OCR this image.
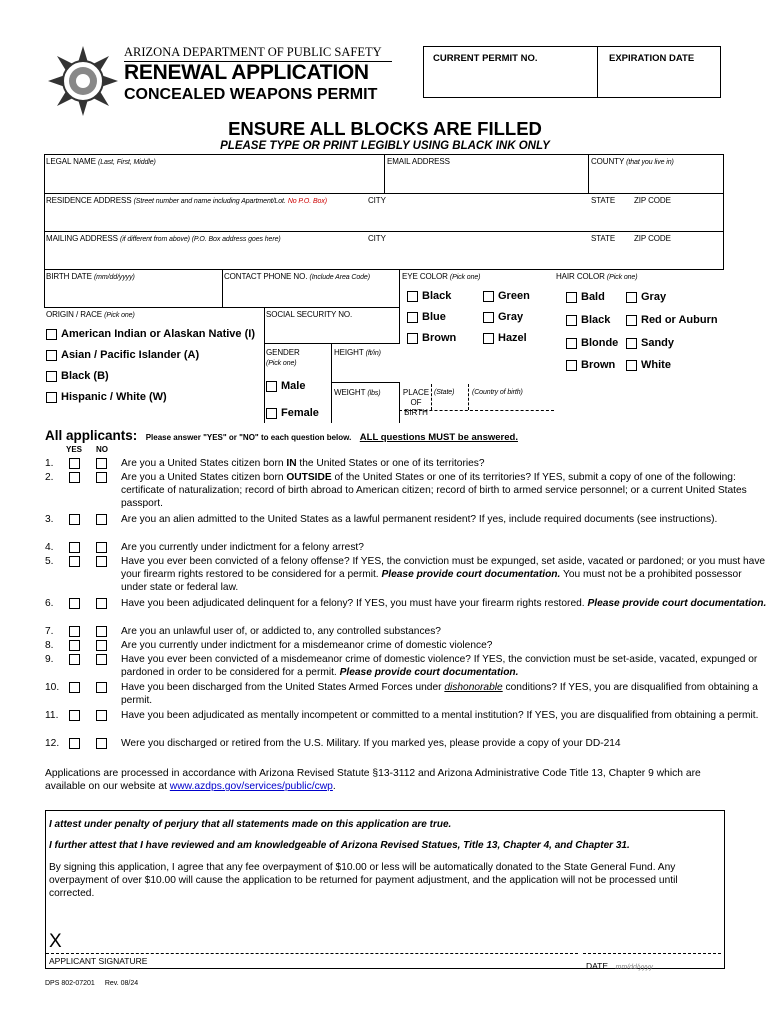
ARIZONA DEPARTMENT OF PUBLIC SAFETY
RENEWAL APPLICATION
CONCEALED WEAPONS PERMIT
CURRENT PERMIT NO.	EXPIRATION DATE
ENSURE ALL BLOCKS ARE FILLED
PLEASE TYPE OR PRINT LEGIBLY USING BLACK INK ONLY
LEGAL NAME (Last, First, Middle)	EMAIL ADDRESS	COUNTY (that you live in)
RESIDENCE ADDRESS (Street number and name including Apartment/Lot. No P.O. Box)	CITY	STATE ZIP CODE
MAILING ADDRESS (if different from above) (P.O. Box address goes here)	CITY	STATE ZIP CODE
BIRTH DATE (mm/dd/yyyy)	CONTACT PHONE NO. (Include Area Code)	EYE COLOR (Pick one)	HAIR COLOR (Pick one)
Black	Green
Blue	Gray
Brown	Hazel
Bald	Gray
Black	Red or Auburn
Blonde Sandy
Brown White
ORIGIN / RACE (Pick one)	SOCIAL SECURITY NO.
American Indian or Alaskan Native (I)
Asian / Pacific Islander (A)
Black (B)
Hispanic / White (W)
GENDER
(Pick one)
HEIGHT (ft/in)
WEIGHT (lbs)
Male
Female
PLACE
OF
BIRTH
(State)	(Country of birth)
All applicants: Please answer "YES" or "NO" to each question below. ALL questions MUST be answered.
YES NO
1.	Are you a United States citizen born IN the United States or one of its territories?
2.	Are you a United States citizen born OUTSIDE of the United States or one of its territories? If YES, submit a copy of one of the following: certificate of naturalization; record of birth abroad to American citizen; record of birth to armed service personnel; or a current United States passport.
3.	Are you an alien admitted to the United States as a lawful permanent resident? If yes, include required documents (see instructions).
4.	Are you currently under indictment for a felony arrest?
5.	Have you ever been convicted of a felony offense? If YES, the conviction must be expunged, set aside, vacated or pardoned; or you must have your firearm rights restored to be considered for a permit. Please provide court documentation. You must not be a prohibited possessor under state or federal law.
6.	Have you been adjudicated delinquent for a felony? If YES, you must have your firearm rights restored. Please provide court documentation.
7.	Are you an unlawful user of, or addicted to, any controlled substances?
8.	Are you currently under indictment for a misdemeanor crime of domestic violence?
9.	Have you ever been convicted of a misdemeanor crime of domestic violence? If YES, the conviction must be set-aside, vacated, expunged or pardoned in order to be considered for a permit. Please provide court documentation.
10.	Have you been discharged from the United States Armed Forces under dishonorable conditions? If YES, you are disqualified from obtaining a permit.
11.	Have you been adjudicated as mentally incompetent or committed to a mental institution? If YES, you are disqualified from obtaining a permit.
12.	Were you discharged or retired from the U.S. Military. If you marked yes, please provide a copy of your DD-214
Applications are processed in accordance with Arizona Revised Statute §13-3112 and Arizona Administrative Code Title 13, Chapter 9 which are available on our website at www.azdps.gov/services/public/cwp.
I attest under penalty of perjury that all statements made on this application are true.
I further attest that I have reviewed and am knowledgeable of Arizona Revised Statues, Title 13, Chapter 4, and Chapter 31.
By signing this application, I agree that any fee overpayment of $10.00 or less will be automatically donated to the State General Fund. Any overpayment of over $10.00 will cause the application to be returned for payment adjustment, and the application will not be processed until corrected.
X
APPLICANT SIGNATURE	DATE mm/dd/yyyy
DPS 802-07201 Rev. 08/24
